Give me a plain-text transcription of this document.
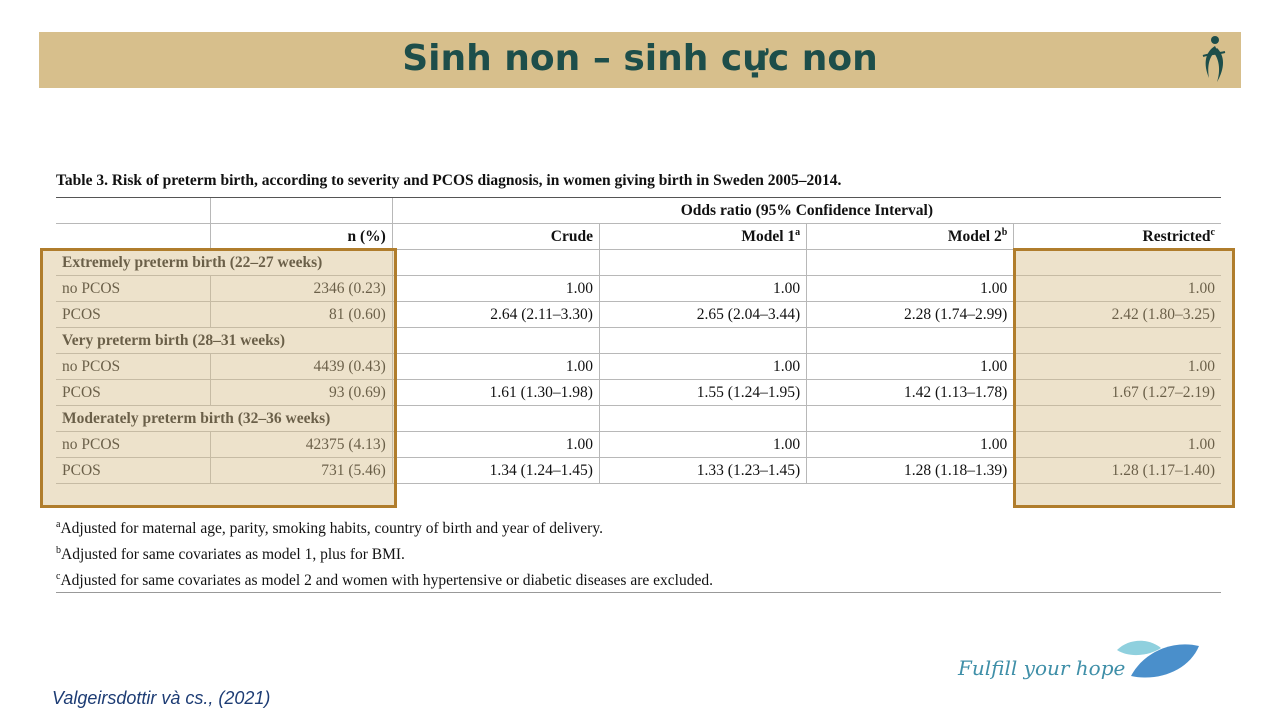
Sinh non – sinh cực non
Table 3. Risk of preterm birth, according to severity and PCOS diagnosis, in women giving birth in Sweden 2005–2014.
		Odds ratio (95% Confidence Interval)			
	n (%)	Crude	Model 1$^a$	Model 2$^b$	Restricted$^c$
Extremely preterm birth (22–27 weeks)					
no PCOS	2346 (0.23)	1.00	1.00	1.00	1.00
PCOS	81 (0.60)	2.64 (2.11–3.30)	2.65 (2.04–3.44)	2.28 (1.74–2.99)	2.42 (1.80–3.25)
Very preterm birth (28–31 weeks)					
no PCOS	4439 (0.43)	1.00	1.00	1.00	1.00
PCOS	93 (0.69)	1.61 (1.30–1.98)	1.55 (1.24–1.95)	1.42 (1.13–1.78)	1.67 (1.27–2.19)
Moderately preterm birth (32–36 weeks)					
no PCOS	42375 (4.13)	1.00	1.00	1.00	1.00
PCOS	731 (5.46)	1.34 (1.24–1.45)	1.33 (1.23–1.45)	1.28 (1.18–1.39)	1.28 (1.17–1.40)
$^a$Adjusted for maternal age, parity, smoking habits, country of birth and year of delivery.
$^b$Adjusted for same covariates as model 1, plus for BMI.
$^c$Adjusted for same covariates as model 2 and women with hypertensive or diabetic diseases are excluded.
Fulfill your hope
Valgeirsdottir và cs., (2021)
